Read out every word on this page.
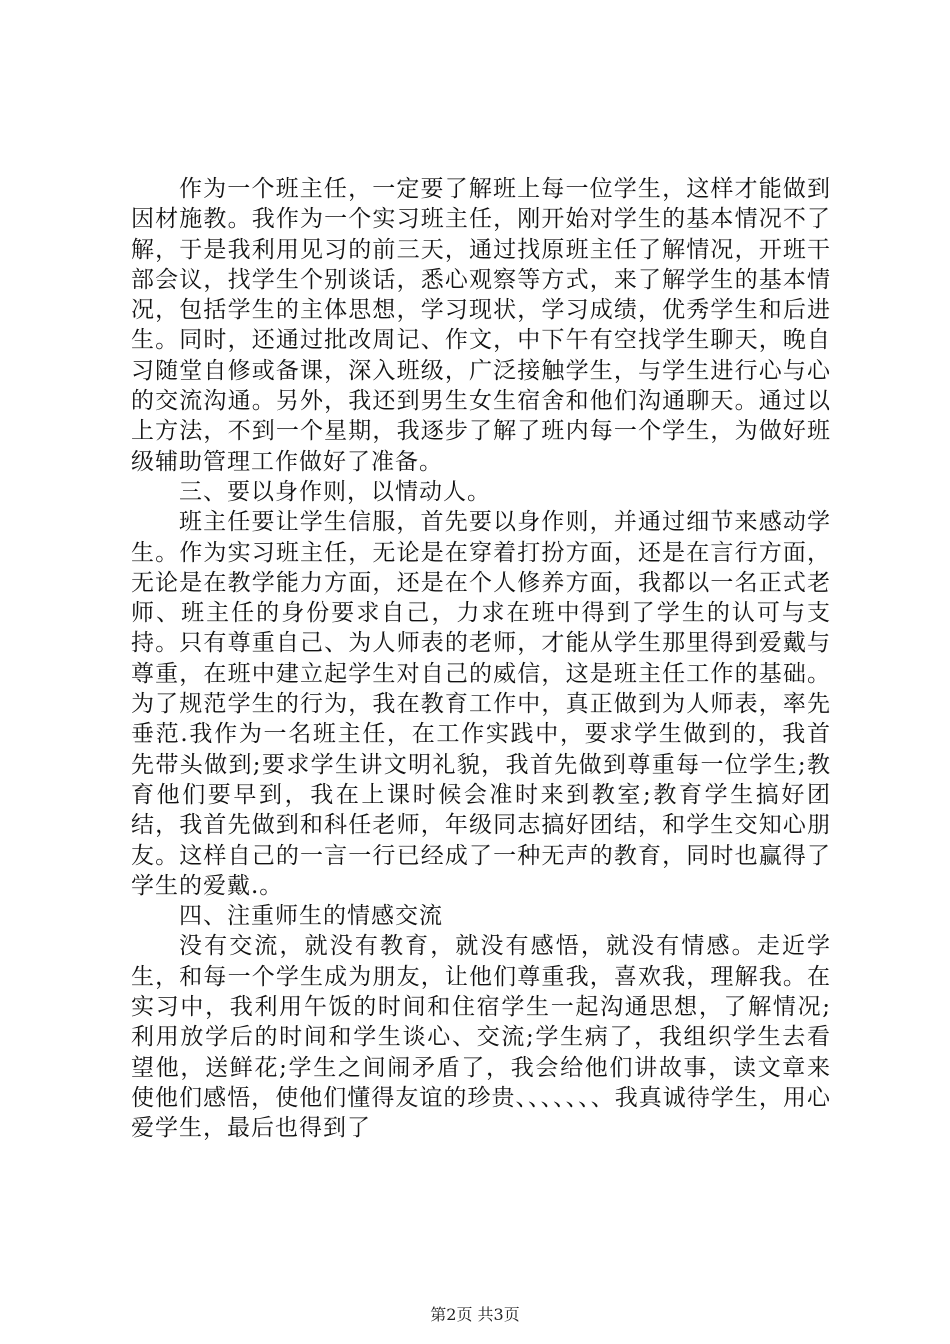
作为一个班主任，一定要了解班上每一位学生，这样才能做到因材施教。我作为一个实习班主任，刚开始对学生的基本情况不了解，于是我利用见习的前三天，通过找原班主任了解情况，开班干部会议，找学生个别谈话，悉心观察等方式，来了解学生的基本情况，包括学生的主体思想，学习现状，学习成绩，优秀学生和后进生。同时，还通过批改周记、作文，中下午有空找学生聊天，晚自习随堂自修或备课，深入班级，广泛接触学生，与学生进行心与心的交流沟通。另外，我还到男生女生宿舍和他们沟通聊天。通过以上方法，不到一个星期，我逐步了解了班内每一个学生，为做好班级辅助管理工作做好了准备。

三、要以身作则，以情动人。

班主任要让学生信服，首先要以身作则，并通过细节来感动学生。作为实习班主任，无论是在穿着打扮方面，还是在言行方面，无论是在教学能力方面，还是在个人修养方面，我都以一名正式老师、班主任的身份要求自己，力求在班中得到了学生的认可与支持。只有尊重自己、为人师表的老师，才能从学生那里得到爱戴与尊重，在班中建立起学生对自己的威信，这是班主任工作的基础。为了规范学生的行为，我在教育工作中，真正做到为人师表，率先垂范.我作为一名班主任，在工作实践中，要求学生做到的，我首先带头做到;要求学生讲文明礼貌，我首先做到尊重每一位学生;教育他们要早到，我在上课时候会准时来到教室;教育学生搞好团结，我首先做到和科任老师，年级同志搞好团结，和学生交知心朋友。这样自己的一言一行已经成了一种无声的教育，同时也赢得了学生的爱戴.。

四、注重师生的情感交流

没有交流，就没有教育，就没有感悟，就没有情感。走近学生，和每一个学生成为朋友，让他们尊重我，喜欢我，理解我。在实习中，我利用午饭的时间和住宿学生一起沟通思想，了解情况;利用放学后的时间和学生谈心、交流;学生病了，我组织学生去看望他，送鲜花;学生之间闹矛盾了，我会给他们讲故事，读文章来使他们感悟，使他们懂得友谊的珍贵、、、、、、、我真诚待学生，用心爱学生，最后也得到了

第2页 共3页
